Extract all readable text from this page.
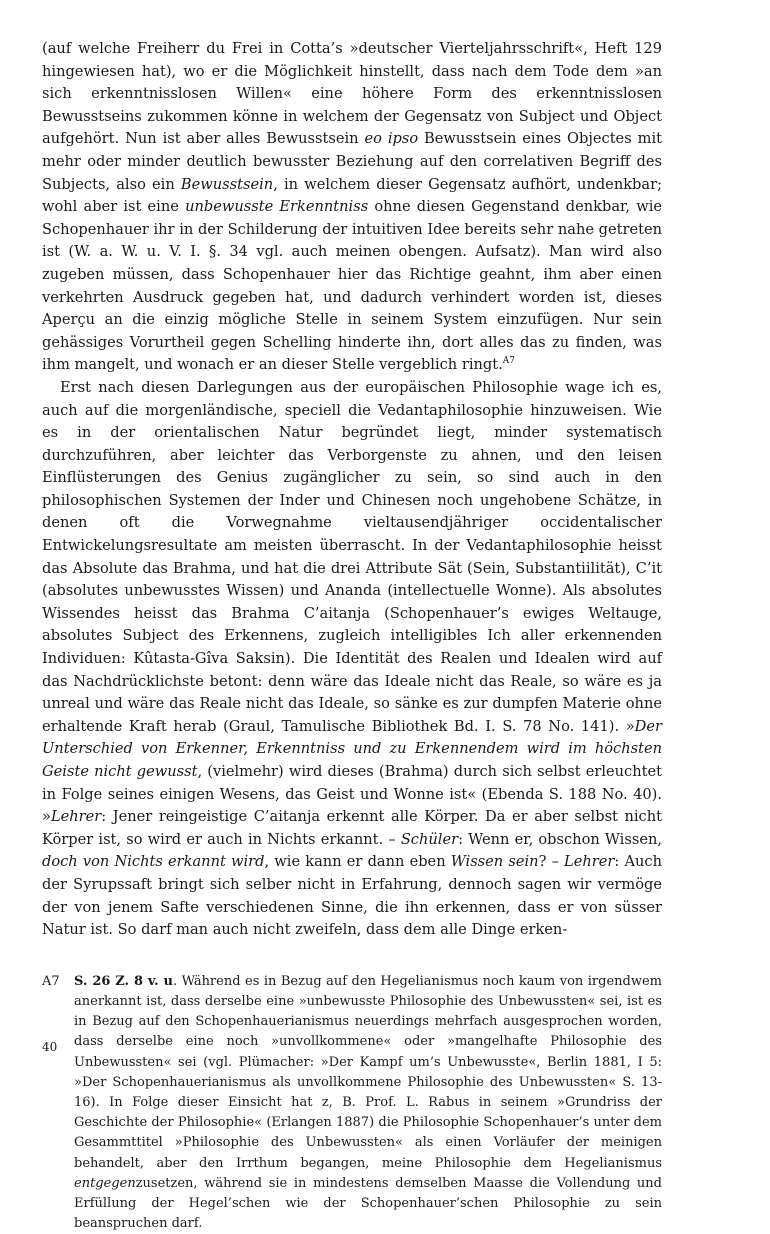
(auf welche Freiherr du Frei in Cotta’s »deutscher Vierteljahrsschrift«, Heft 129 hingewiesen hat), wo er die Möglichkeit hinstellt, dass nach dem Tode dem »an sich erkenntnisslosen Willen« eine höhere Form des erkenntnisslosen Bewusstseins zukommen könne in welchem der Gegensatz von Subject und Object aufgehört. Nun ist aber alles Bewusstsein eo ipso Bewusstsein eines Objectes mit mehr oder minder deutlich bewusster Beziehung auf den correlativen Begriff des Subjects, also ein Bewusstsein, in welchem dieser Gegensatz aufhört, undenkbar; wohl aber ist eine unbewusste Erkenntniss ohne diesen Gegenstand denkbar, wie Schopenhauer ihr in der Schilderung der intuitiven Idee bereits sehr nahe getreten ist (W. a. W. u. V. I. §. 34 vgl. auch meinen obengen. Aufsatz). Man wird also zugeben müssen, dass Schopenhauer hier das Richtige geahnt, ihm aber einen verkehrten Ausdruck gegeben hat, und dadurch verhindert worden ist, dieses Aperçu an die einzig mögliche Stelle in seinem System einzufügen. Nur sein gehässiges Vorurtheil gegen Schelling hinderte ihn, dort alles das zu finden, was ihm mangelt, und wonach er an dieser Stelle vergeblich ringt.$^{A7}$

Erst nach diesen Darlegungen aus der europäischen Philosophie wage ich es, auch auf die morgenländische, speciell die Vedantaphilosophie hinzuweisen. Wie es in der orientalischen Natur begründet liegt, minder systematisch durchzuführen, aber leichter das Verborgenste zu ahnen, und den leisen Einflüsterungen des Genius zugänglicher zu sein, so sind auch in den philosophischen Systemen der Inder und Chinesen noch ungehobene Schätze, in denen oft die Vorwegnahme vieltausendjähriger occidentalischer Entwickelungsresultate am meisten überrascht. In der Vedantaphilosophie heisst das Absolute das Brahma, und hat die drei Attribute Sät (Sein, Substantiilität), C’it (absolutes unbewusstes Wissen) und Ananda (intellectuelle Wonne). Als absolutes Wissendes heisst das Brahma C’aitanja (Schopenhauer’s ewiges Weltauge, absolutes Subject des Erkennens, zugleich intelligibles Ich aller erkennenden Individuen: Kûtasta-Gîva Saksin). Die Identität des Realen und Idealen wird auf das Nachdrücklichste betont: denn wäre das Ideale nicht das Reale, so wäre es ja unreal und wäre das Reale nicht das Ideale, so sänke es zur dumpfen Materie ohne erhaltende Kraft herab (Graul, Tamulische Bibliothek Bd. I. S. 78 No. 141). »Der Unterschied von Erkenner, Erkenntniss und zu Erkennendem wird im höchsten Geiste nicht gewusst, (vielmehr) wird dieses (Brahma) durch sich selbst erleuchtet in Folge seines einigen Wesens, das Geist und Wonne ist« (Ebenda S. 188 No. 40). »Lehrer: Jener reingeistige C’aitanja erkennt alle Körper. Da er aber selbst nicht Körper ist, so wird er auch in Nichts erkannt. – Schüler: Wenn er, obschon Wissen, doch von Nichts erkannt wird, wie kann er dann eben Wissen sein? – Lehrer: Auch der Syrupssaft bringt sich selber nicht in Erfahrung, dennoch sagen wir vermöge der von jenem Safte verschiedenen Sinne, die ihn erkennen, dass er von süsser Natur ist. So darf man auch nicht zweifeln, dass dem alle Dinge erken-

A7	S. 26 Z. 8 v. u. Während es in Bezug auf den Hegelianismus noch kaum von irgendwem anerkannt ist, dass derselbe eine »unbewusste Philosophie des Unbewussten« sei, ist es in Bezug auf den Schopenhauerianismus neuerdings mehrfach ausgesprochen worden, dass derselbe eine noch »unvollkommene« oder »mangelhafte Philosophie des Unbewussten« sei (vgl. Plümacher: »Der Kampf um’s Unbewusste«, Berlin 1881, I 5: »Der Schopenhauerianismus als unvollkommene Philosophie des Unbewussten« S. 13-16). In Folge dieser Einsicht hat z, B. Prof. L. Rabus in seinem »Grundriss der Geschichte der Philosophie« (Erlangen 1887) die Philosophie Schopenhauer’s unter dem Gesammttitel »Philosophie des Unbewussten« als einen Vorläufer der meinigen behandelt, aber den Irrthum begangen, meine Philosophie dem Hegelianismus entgegenzusetzen, während sie in mindestens demselben Maasse die Vollendung und Erfüllung der Hegel’schen wie der Schopenhauer’schen Philosophie zu sein beanspruchen darf.
40
